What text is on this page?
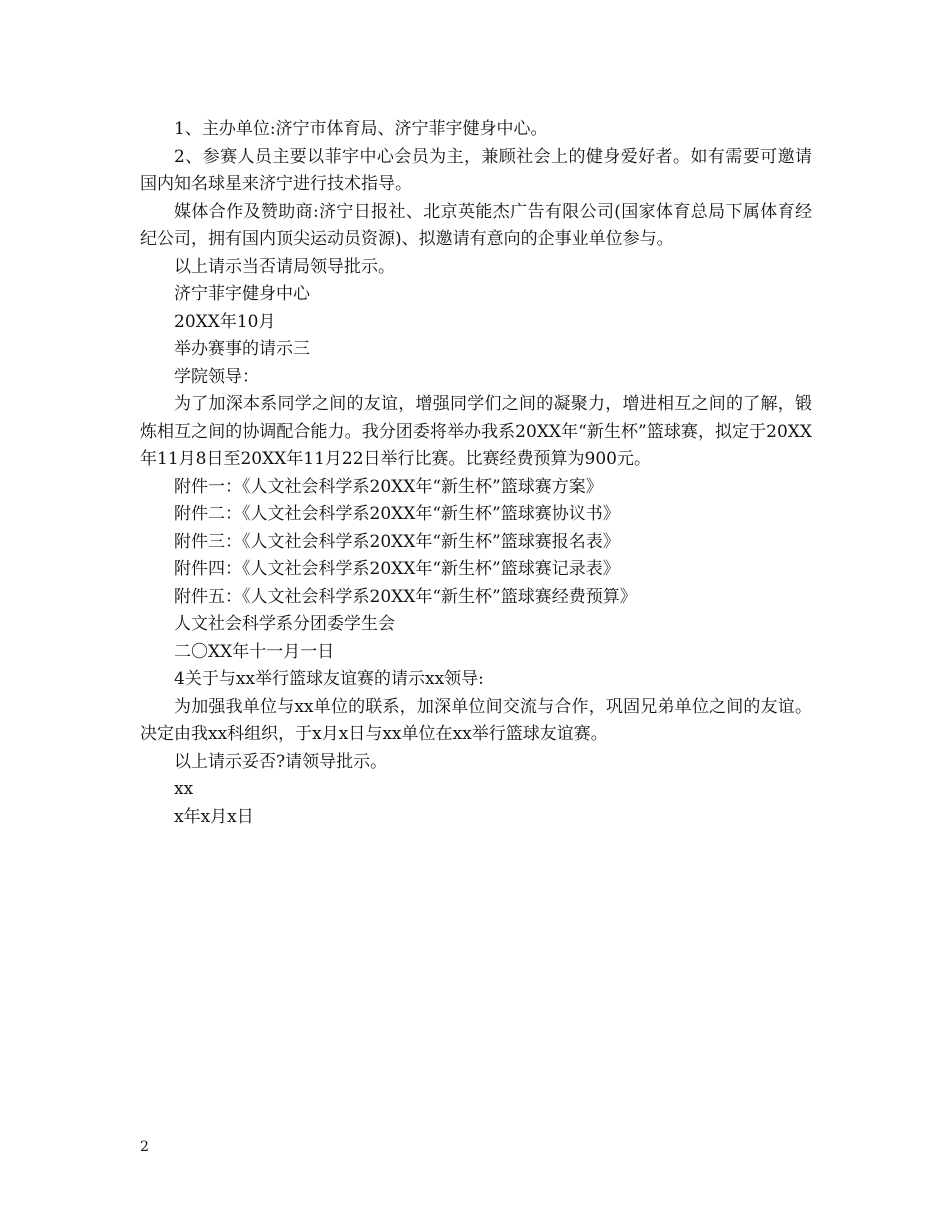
1、主办单位:济宁市体育局、济宁菲宇健身中心。

2、参赛人员主要以菲宇中心会员为主，兼顾社会上的健身爱好者。如有需要可邀请国内知名球星来济宁进行技术指导。

媒体合作及赞助商:济宁日报社、北京英能杰广告有限公司(国家体育总局下属体育经纪公司，拥有国内顶尖运动员资源)、拟邀请有意向的企事业单位参与。

以上请示当否请局领导批示。

济宁菲宇健身中心

20XX年10月

举办赛事的请示三

学院领导：

为了加深本系同学之间的友谊，增强同学们之间的凝聚力，增进相互之间的了解，锻炼相互之间的协调配合能力。我分团委将举办我系20XX年“新生杯”篮球赛，拟定于20XX年11月8日至20XX年11月22日举行比赛。比赛经费预算为900元。

附件一：《人文社会科学系20XX年“新生杯”篮球赛方案》

附件二：《人文社会科学系20XX年“新生杯”篮球赛协议书》

附件三：《人文社会科学系20XX年“新生杯”篮球赛报名表》

附件四：《人文社会科学系20XX年“新生杯”篮球赛记录表》

附件五：《人文社会科学系20XX年“新生杯”篮球赛经费预算》

人文社会科学系分团委学生会

二〇XX年十一月一日

4关于与xx举行篮球友谊赛的请示xx领导:

为加强我单位与xx单位的联系，加深单位间交流与合作，巩固兄弟单位之间的友谊。决定由我xx科组织，于x月x日与xx单位在xx举行篮球友谊赛。

以上请示妥否?请领导批示。

xx

x年x月x日

2
